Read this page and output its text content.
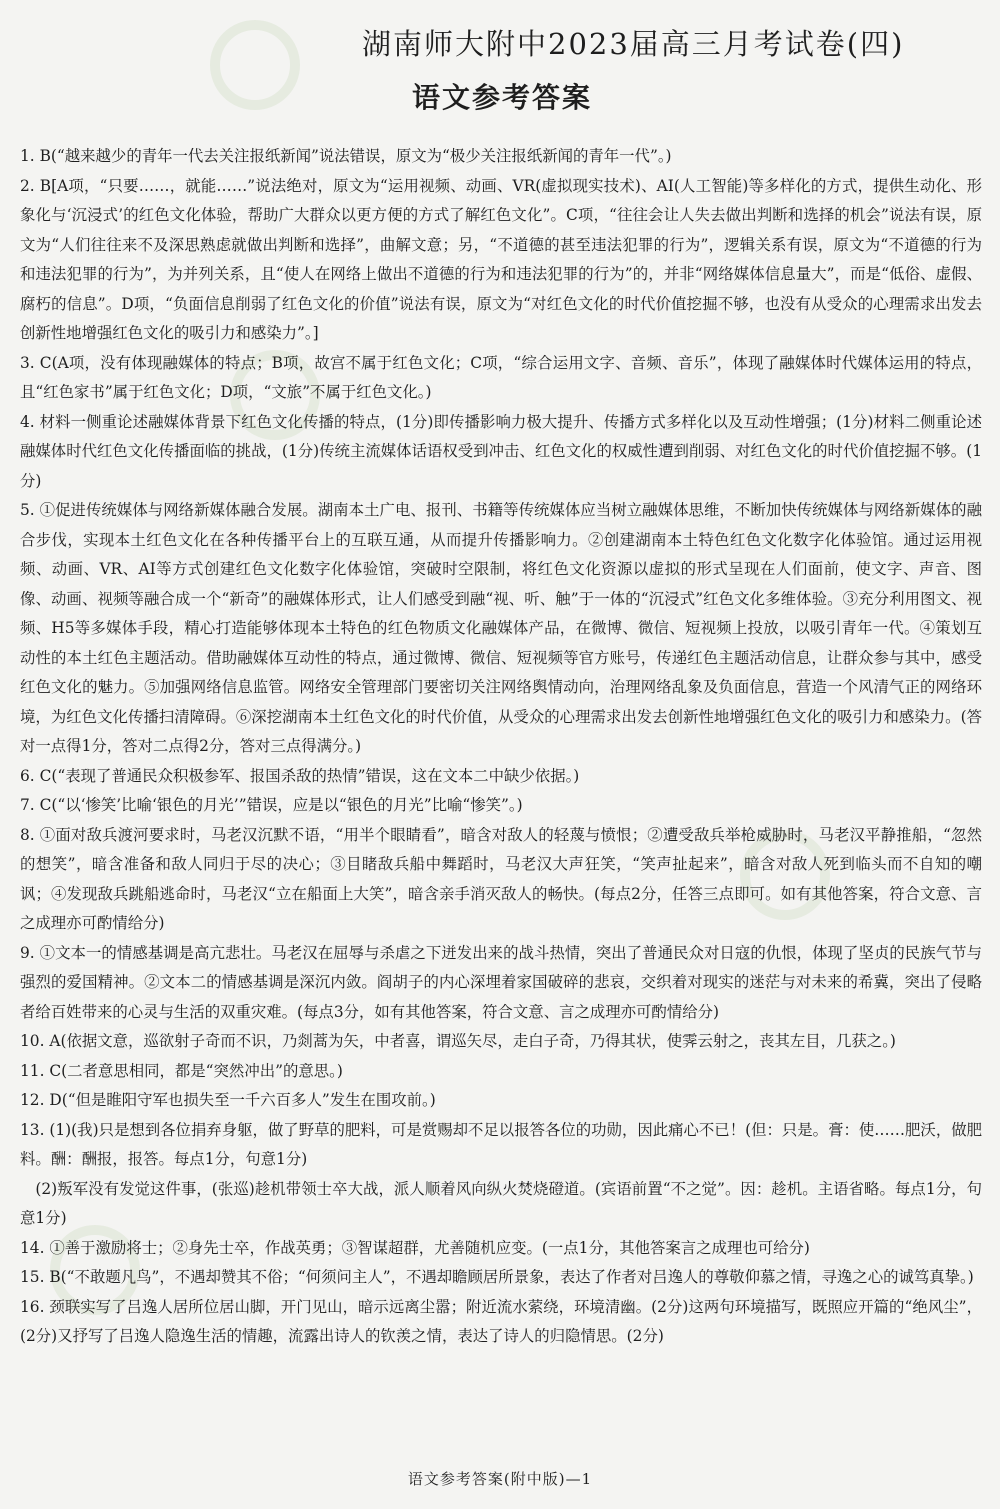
湖南师大附中2023届高三月考试卷(四)
语文参考答案

1. B(“越来越少的青年一代去关注报纸新闻”说法错误，原文为“极少关注报纸新闻的青年一代”。)

2. B[A项，“只要……，就能……”说法绝对，原文为“运用视频、动画、VR(虚拟现实技术)、AI(人工智能)等多样化的方式，提供生动化、形象化与‘沉浸式’的红色文化体验，帮助广大群众以更方便的方式了解红色文化”。C项，“往往会让人失去做出判断和选择的机会”说法有误，原文为“人们往往来不及深思熟虑就做出判断和选择”，曲解文意；另，“不道德的甚至违法犯罪的行为”，逻辑关系有误，原文为“不道德的行为和违法犯罪的行为”，为并列关系，且“使人在网络上做出不道德的行为和违法犯罪的行为”的，并非“网络媒体信息量大”，而是“低俗、虚假、腐朽的信息”。D项，“负面信息削弱了红色文化的价值”说法有误，原文为“对红色文化的时代价值挖掘不够，也没有从受众的心理需求出发去创新性地增强红色文化的吸引力和感染力”。]

3. C(A项，没有体现融媒体的特点；B项，故宫不属于红色文化；C项，“综合运用文字、音频、音乐”，体现了融媒体时代媒体运用的特点，且“红色家书”属于红色文化；D项，“文旅”不属于红色文化。)

4. 材料一侧重论述融媒体背景下红色文化传播的特点，(1分)即传播影响力极大提升、传播方式多样化以及互动性增强；(1分)材料二侧重论述融媒体时代红色文化传播面临的挑战，(1分)传统主流媒体话语权受到冲击、红色文化的权威性遭到削弱、对红色文化的时代价值挖掘不够。(1分)

5. ①促进传统媒体与网络新媒体融合发展。湖南本土广电、报刊、书籍等传统媒体应当树立融媒体思维，不断加快传统媒体与网络新媒体的融合步伐，实现本土红色文化在各种传播平台上的互联互通，从而提升传播影响力。②创建湖南本土特色红色文化数字化体验馆。通过运用视频、动画、VR、AI等方式创建红色文化数字化体验馆，突破时空限制，将红色文化资源以虚拟的形式呈现在人们面前，使文字、声音、图像、动画、视频等融合成一个“新奇”的融媒体形式，让人们感受到融“视、听、触”于一体的“沉浸式”红色文化多维体验。③充分利用图文、视频、H5等多媒体手段，精心打造能够体现本土特色的红色物质文化融媒体产品，在微博、微信、短视频上投放，以吸引青年一代。④策划互动性的本土红色主题活动。借助融媒体互动性的特点，通过微博、微信、短视频等官方账号，传递红色主题活动信息，让群众参与其中，感受红色文化的魅力。⑤加强网络信息监管。网络安全管理部门要密切关注网络舆情动向，治理网络乱象及负面信息，营造一个风清气正的网络环境，为红色文化传播扫清障碍。⑥深挖湖南本土红色文化的时代价值，从受众的心理需求出发去创新性地增强红色文化的吸引力和感染力。(答对一点得1分，答对二点得2分，答对三点得满分。)

6. C(“表现了普通民众积极参军、报国杀敌的热情”错误，这在文本二中缺少依据。)

7. C(“以‘惨笑’比喻‘银色的月光’”错误，应是以“银色的月光”比喻“惨笑”。)

8. ①面对敌兵渡河要求时，马老汉沉默不语，“用半个眼睛看”，暗含对敌人的轻蔑与愤恨；②遭受敌兵举枪威胁时，马老汉平静推船，“忽然的想笑”，暗含准备和敌人同归于尽的决心；③目睹敌兵船中舞蹈时，马老汉大声狂笑，“笑声扯起来”，暗含对敌人死到临头而不自知的嘲讽；④发现敌兵跳船逃命时，马老汉“立在船面上大笑”，暗含亲手消灭敌人的畅快。(每点2分，任答三点即可。如有其他答案，符合文意、言之成理亦可酌情给分)

9. ①文本一的情感基调是高亢悲壮。马老汉在屈辱与杀虐之下迸发出来的战斗热情，突出了普通民众对日寇的仇恨，体现了坚贞的民族气节与强烈的爱国精神。②文本二的情感基调是深沉内敛。阎胡子的内心深埋着家国破碎的悲哀，交织着对现实的迷茫与对未来的希冀，突出了侵略者给百姓带来的心灵与生活的双重灾难。(每点3分，如有其他答案，符合文意、言之成理亦可酌情给分)

10. A(依据文意，巡欲射子奇而不识，乃剡蒿为矢，中者喜，谓巡矢尽，走白子奇，乃得其状，使霁云射之，丧其左目，几获之。)

11. C(二者意思相同，都是“突然冲出”的意思。)

12. D(“但是睢阳守军也损失至一千六百多人”发生在围攻前。)

13. (1)(我)只是想到各位捐弃身躯，做了野草的肥料，可是赏赐却不足以报答各位的功勋，因此痛心不已！(但：只是。膏：使……肥沃，做肥料。酬：酬报，报答。每点1分，句意1分)

(2)叛军没有发觉这件事，(张巡)趁机带领士卒大战，派人顺着风向纵火焚烧磴道。(宾语前置“不之觉”。因：趁机。主语省略。每点1分，句意1分)

14. ①善于激励将士；②身先士卒，作战英勇；③智谋超群，尤善随机应变。(一点1分，其他答案言之成理也可给分)

15. B(“不敢题凡鸟”，不遇却赞其不俗；“何须问主人”，不遇却瞻顾居所景象，表达了作者对吕逸人的尊敬仰慕之情，寻逸之心的诚笃真挚。)

16. 颈联实写了吕逸人居所位居山脚，开门见山，暗示远离尘嚣；附近流水萦绕，环境清幽。(2分)这两句环境描写，既照应开篇的“绝风尘”，(2分)又抒写了吕逸人隐逸生活的情趣，流露出诗人的钦羡之情，表达了诗人的归隐情思。(2分)

语文参考答案(附中版)—1
